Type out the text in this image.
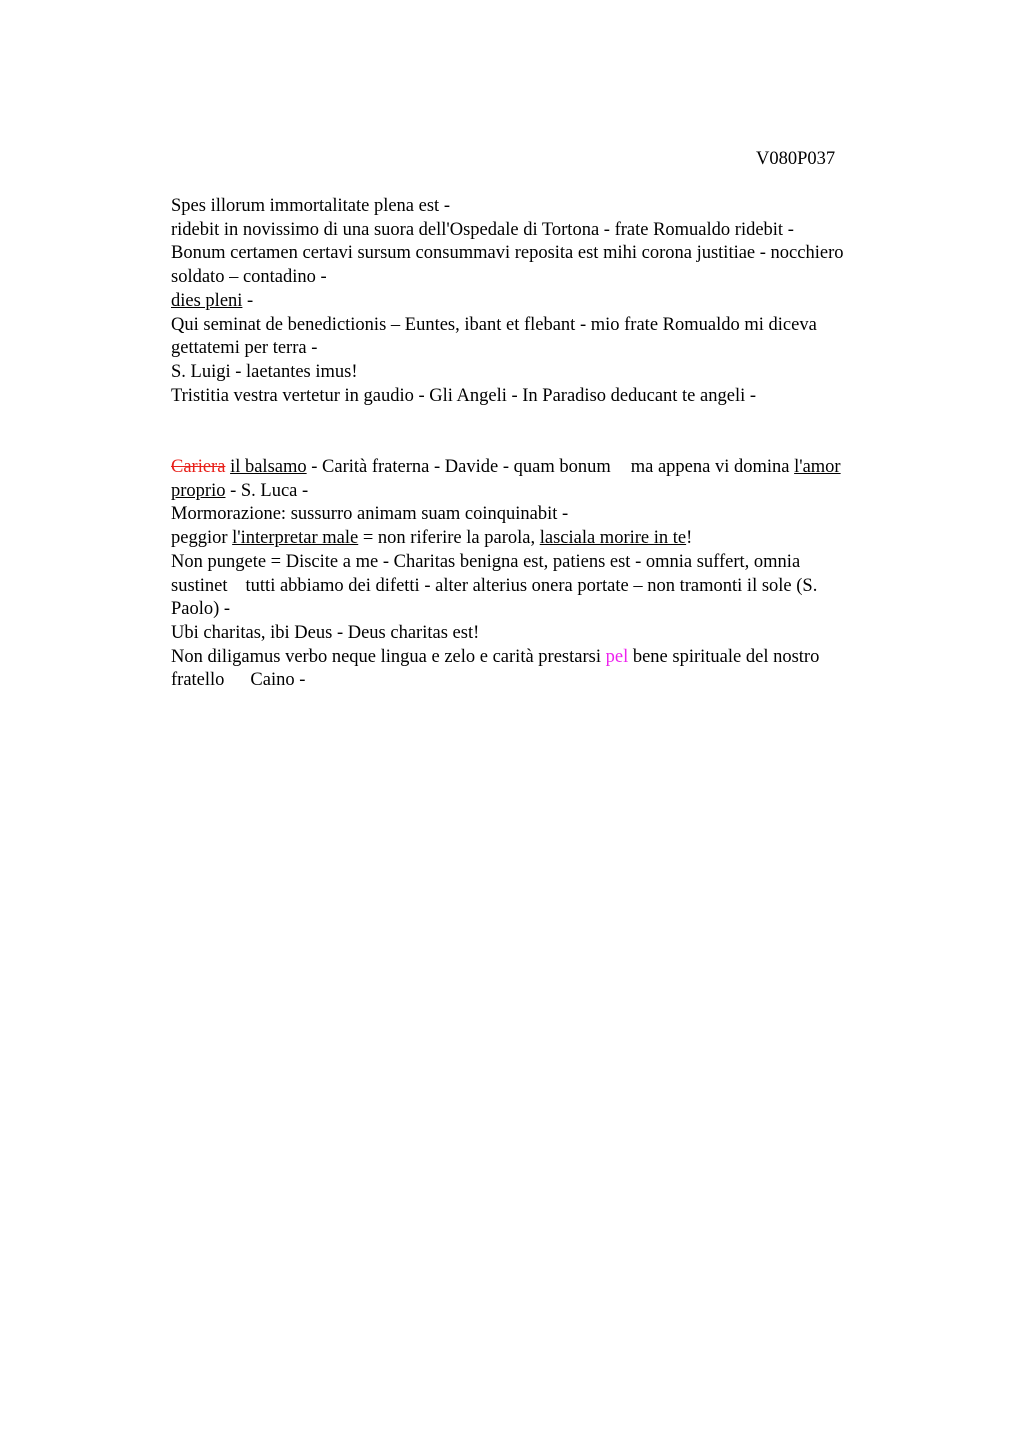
V080P037
Spes illorum immortalitate plena est -
ridebit in novissimo di una suora dell'Ospedale di Tortona - frate Romualdo ridebit -
Bonum certamen certavi sursum consummavi reposita est mihi corona justitiae - nocchiero
soldato – contadino -
dies pleni -
Qui seminat de benedictionis – Euntes, ibant et flebant - mio frate Romualdo mi diceva
gettatemi per terra -
S. Luigi - laetantes imus!
Tristitia vestra vertetur in gaudio - Gli Angeli - In Paradiso deducant te angeli -
Cariera il balsamo - Carità fraterna - Davide - quam bonum ma appena vi domina l'amor
proprio - S. Luca -
Mormorazione: sussurro animam suam coinquinabit -
peggior l'interpretar male = non riferire la parola, lasciala morire in te!
Non pungete = Discite a me - Charitas benigna est, patiens est - omnia suffert, omnia
sustinet tutti abbiamo dei difetti - alter alterius onera portate – non tramonti il sole (S.
Paolo) -
Ubi charitas, ibi Deus - Deus charitas est!
Non diligamus verbo neque lingua e zelo e carità prestarsi pel bene spirituale del nostro
fratello Caino -
